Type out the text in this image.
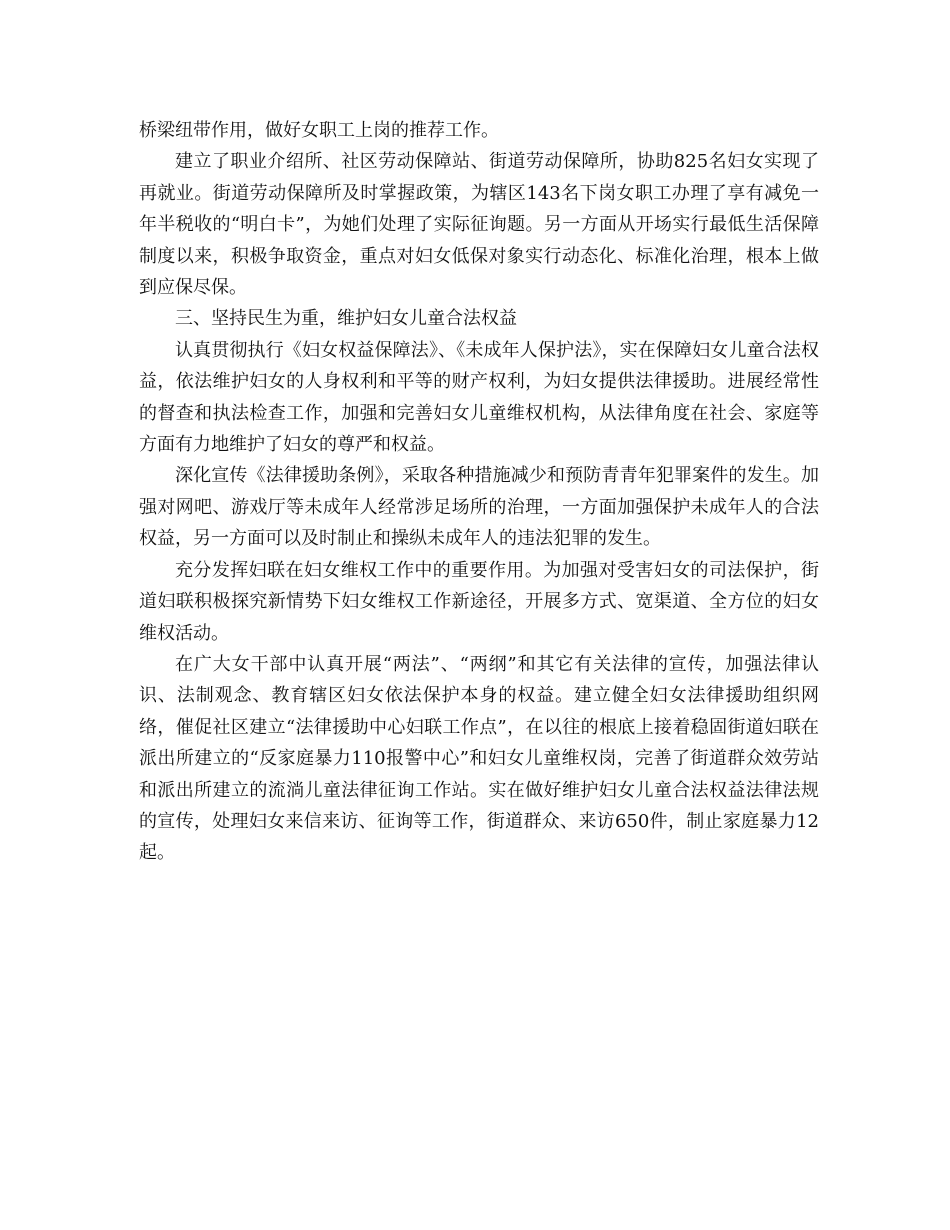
桥梁纽带作用，做好女职工上岗的推荐工作。

建立了职业介绍所、社区劳动保障站、街道劳动保障所，协助825名妇女实现了再就业。街道劳动保障所及时掌握政策，为辖区143名下岗女职工办理了享有减免一年半税收的“明白卡”，为她们处理了实际征询题。另一方面从开场实行最低生活保障制度以来，积极争取资金，重点对妇女低保对象实行动态化、标准化治理，根本上做到应保尽保。

三、坚持民生为重，维护妇女儿童合法权益

认真贯彻执行《妇女权益保障法》、《未成年人保护法》，实在保障妇女儿童合法权益，依法维护妇女的人身权利和平等的财产权利，为妇女提供法律援助。进展经常性的督查和执法检查工作，加强和完善妇女儿童维权机构，从法律角度在社会、家庭等方面有力地维护了妇女的尊严和权益。

深化宣传《法律援助条例》，采取各种措施减少和预防青青年犯罪案件的发生。加强对网吧、游戏厅等未成年人经常涉足场所的治理，一方面加强保护未成年人的合法权益，另一方面可以及时制止和操纵未成年人的违法犯罪的发生。

充分发挥妇联在妇女维权工作中的重要作用。为加强对受害妇女的司法保护，街道妇联积极探究新情势下妇女维权工作新途径，开展多方式、宽渠道、全方位的妇女维权活动。

在广大女干部中认真开展“两法”、“两纲”和其它有关法律的宣传，加强法律认识、法制观念、教育辖区妇女依法保护本身的权益。建立健全妇女法律援助组织网络，催促社区建立“法律援助中心妇联工作点”，在以往的根底上接着稳固街道妇联在派出所建立的“反家庭暴力110报警中心”和妇女儿童维权岗，完善了街道群众效劳站和派出所建立的流淌儿童法律征询工作站。实在做好维护妇女儿童合法权益法律法规的宣传，处理妇女来信来访、征询等工作，街道群众、来访650件，制止家庭暴力12起。
